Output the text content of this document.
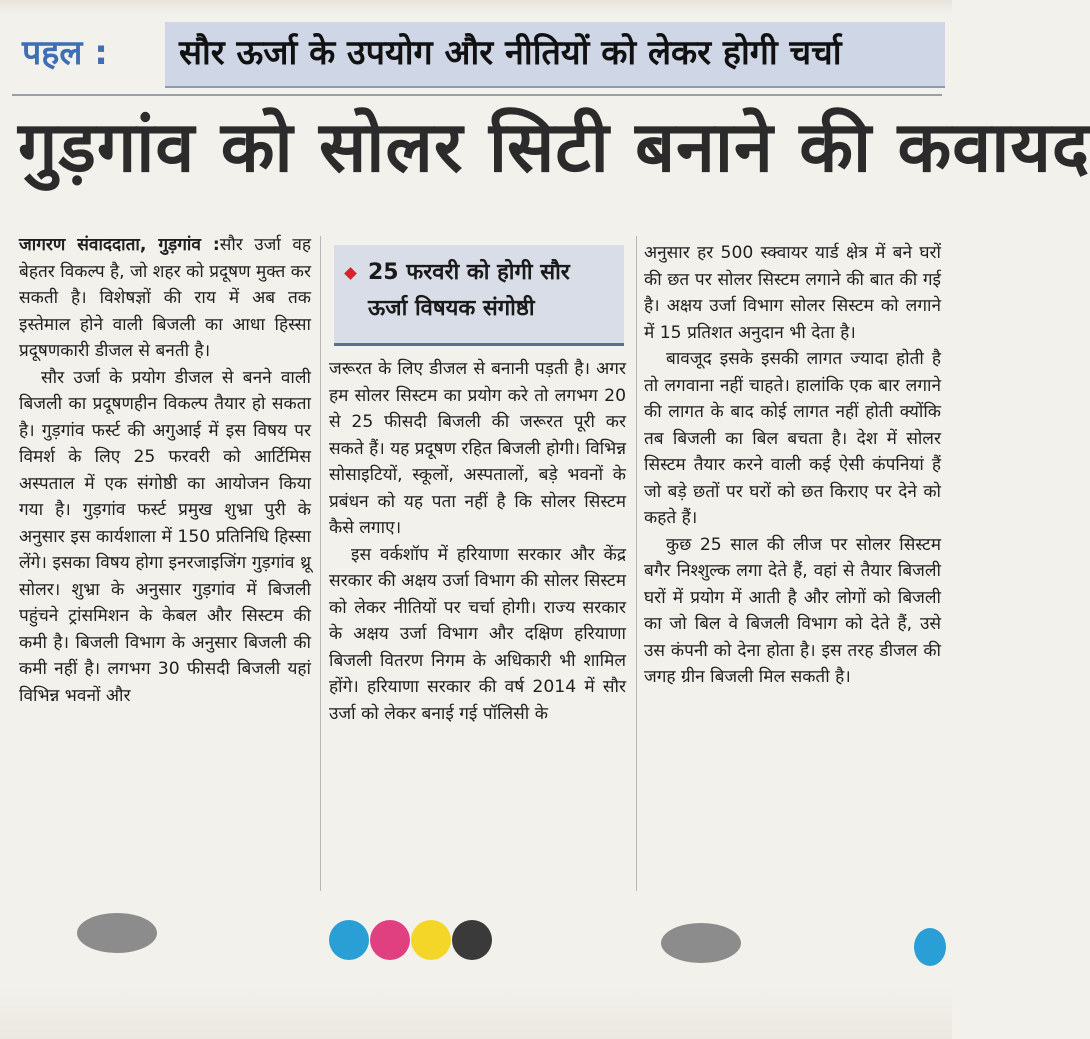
पहल : सौर ऊर्जा के उपयोग और नीतियों को लेकर होगी चर्चा
गुड़गांव को सोलर सिटी बनाने की कवायद

जागरण संवाददाता, गुड़गांव :सौर उर्जा वह बेहतर विकल्प है, जो शहर को प्रदूषण मुक्त कर सकती है। विशेषज्ञों की राय में अब तक इस्तेमाल होने वाली बिजली का आधा हिस्सा प्रदूषणकारी डीजल से बनती है।

सौर उर्जा के प्रयोग डीजल से बनने वाली बिजली का प्रदूषणहीन विकल्प तैयार हो सकता है। गुड़गांव फर्स्ट की अगुआई में इस विषय पर विमर्श के लिए 25 फरवरी को आर्टिमिस अस्पताल में एक संगोष्ठी का आयोजन किया गया है। गुड़गांव फर्स्ट प्रमुख शुभ्रा पुरी के अनुसार इस कार्यशाला में 150 प्रतिनिधि हिस्सा लेंगे। इसका विषय होगा इनरजाइजिंग गुड़गांव थ्रू सोलर। शुभ्रा के अनुसार गुड़गांव में बिजली पहुंचने ट्रांसमिशन के केबल और सिस्टम की कमी है। बिजली विभाग के अनुसार बिजली की कमी नहीं है। लगभग 30 फीसदी बिजली यहां विभिन्न भवनों और

25 फरवरी को होगी सौर ऊर्जा विषयक संगोष्ठी

जरूरत के लिए डीजल से बनानी पड़ती है। अगर हम सोलर सिस्टम का प्रयोग करे तो लगभग 20 से 25 फीसदी बिजली की जरूरत पूरी कर सकते हैं। यह प्रदूषण रहित बिजली होगी। विभिन्न सोसाइटियों, स्कूलों, अस्पतालों, बड़े भवनों के प्रबंधन को यह पता नहीं है कि सोलर सिस्टम कैसे लगाए।

इस वर्कशॉप में हरियाणा सरकार और केंद्र सरकार की अक्षय उर्जा विभाग की सोलर सिस्टम को लेकर नीतियों पर चर्चा होगी। राज्य सरकार के अक्षय उर्जा विभाग और दक्षिण हरियाणा बिजली वितरण निगम के अधिकारी भी शामिल होंगे। हरियाणा सरकार की वर्ष 2014 में सौर उर्जा को लेकर बनाई गई पॉलिसी के

अनुसार हर 500 स्क्वायर यार्ड क्षेत्र में बने घरों की छत पर सोलर सिस्टम लगाने की बात की गई है। अक्षय उर्जा विभाग सोलर सिस्टम को लगाने में 15 प्रतिशत अनुदान भी देता है।

बावजूद इसके इसकी लागत ज्यादा होती है तो लगवाना नहीं चाहते। हालांकि एक बार लगाने की लागत के बाद कोई लागत नहीं होती क्योंकि तब बिजली का बिल बचता है। देश में सोलर सिस्टम तैयार करने वाली कई ऐसी कंपनियां हैं जो बड़े छतों पर घरों को छत किराए पर देने को कहते हैं।

कुछ 25 साल की लीज पर सोलर सिस्टम बगैर निश्शुल्क लगा देते हैं, वहां से तैयार बिजली घरों में प्रयोग में आती है और लोगों को बिजली का जो बिल वे बिजली विभाग को देते हैं, उसे उस कंपनी को देना होता है। इस तरह डीजल की जगह ग्रीन बिजली मिल सकती है।
